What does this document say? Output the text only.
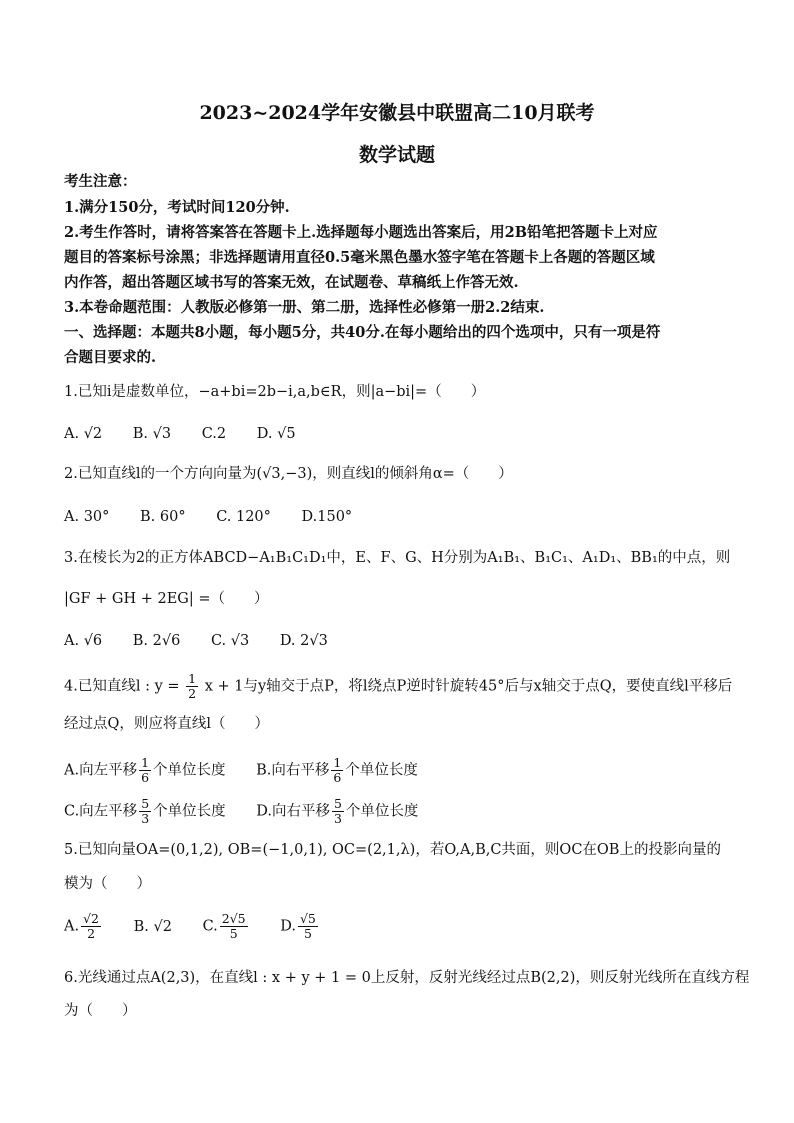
2023~2024学年安徽县中联盟高二10月联考
数学试题
考生注意：
1.满分150分，考试时间120分钟.
2.考生作答时，请将答案答在答题卡上.选择题每小题选出答案后，用2B铅笔把答题卡上对应
题目的答案标号涂黑；非选择题请用直径0.5毫米黑色墨水签字笔在答题卡上各题的答题区域
内作答，超出答题区域书写的答案无效，在试题卷、草稿纸上作答无效.
3.本卷命题范围：人教版必修第一册、第二册，选择性必修第一册2.2结束.
一、选择题：本题共8小题，每小题5分，共40分.在每小题给出的四个选项中，只有一项是符
合题目要求的.
1.已知i是虚数单位，−a+bi=2b−i,a,b∈R，则|a−bi|=（　　）
A. √2 B. √3 C.2 D. √5
2.已知直线l的一个方向向量为(√3,−3)，则直线l的倾斜角α=（　　）
A. 30° B. 60° C. 120° D.150°
3.在棱长为2的正方体ABCD−A₁B₁C₁D₁中，E、F、G、H分别为A₁B₁、B₁C₁、A₁D₁、BB₁的中点，则
|GF + GH + 2EG| =（　　）
A. √6 B. 2√6 C. √3 D. 2√3
4.已知直线l : $y = \frac{1}{2}$ x + 1与y轴交于点P，将l绕点P逆时针旋转45°后与x轴交于点Q，要使直线l平移后
经过点Q，则应将直线l（　　）
A.向左平移 $\frac{1}{6}$ 个单位长度 B.向右平移 $\frac{1}{6}$ 个单位长度
C.向左平移 $\frac{5}{3}$ 个单位长度 D.向右平移 $\frac{5}{3}$ 个单位长度
5.已知向量OA=(0,1,2), OB=(−1,0,1), OC=(2,1,λ)，若O,A,B,C共面，则OC在OB上的投影向量的
模为（　　）
A. $\frac{√2}{2} B$. √2 C. $\frac{2√5}{5} D$. $\frac{√5}{5}$
6.光线通过点A(2,3)，在直线l : x + y + 1 = 0上反射，反射光线经过点B(2,2)，则反射光线所在直线方程
为（　　）
